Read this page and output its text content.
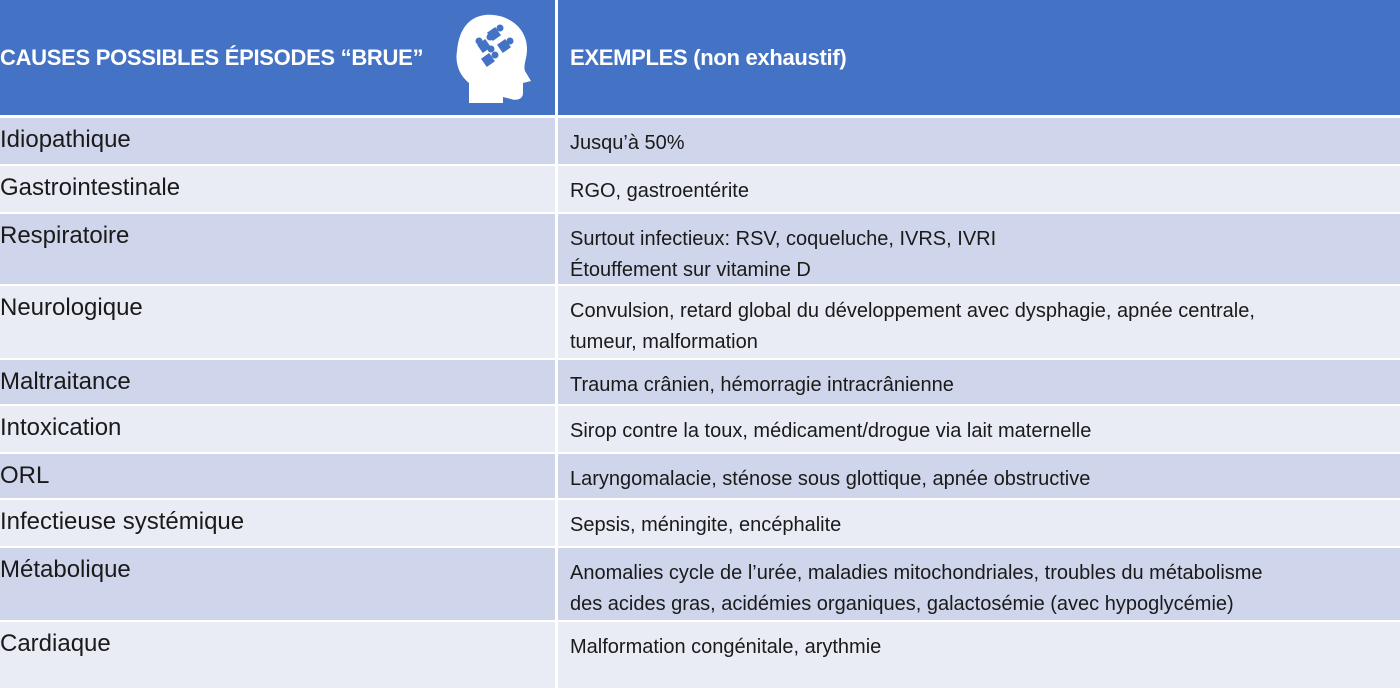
CAUSES POSSIBLES ÉPISODES “BRUE”	EXEMPLES (non exhaustif)
Idiopathique	Jusqu’à 50%
Gastrointestinale	RGO, gastroentérite
Respiratoire	Surtout infectieux: RSV, coqueluche, IVRS, IVRI
Étouffement sur vitamine D
Neurologique	Convulsion, retard global du développement avec dysphagie, apnée centrale,
tumeur, malformation
Maltraitance	Trauma crânien, hémorragie intracrânienne
Intoxication	Sirop contre la toux, médicament/drogue via lait maternelle
ORL	Laryngomalacie, sténose sous glottique, apnée obstructive
Infectieuse systémique	Sepsis, méningite, encéphalite
Métabolique	Anomalies cycle de l’urée, maladies mitochondriales, troubles du métabolisme
des acides gras, acidémies organiques, galactosémie (avec hypoglycémie)
Cardiaque	Malformation congénitale, arythmie
